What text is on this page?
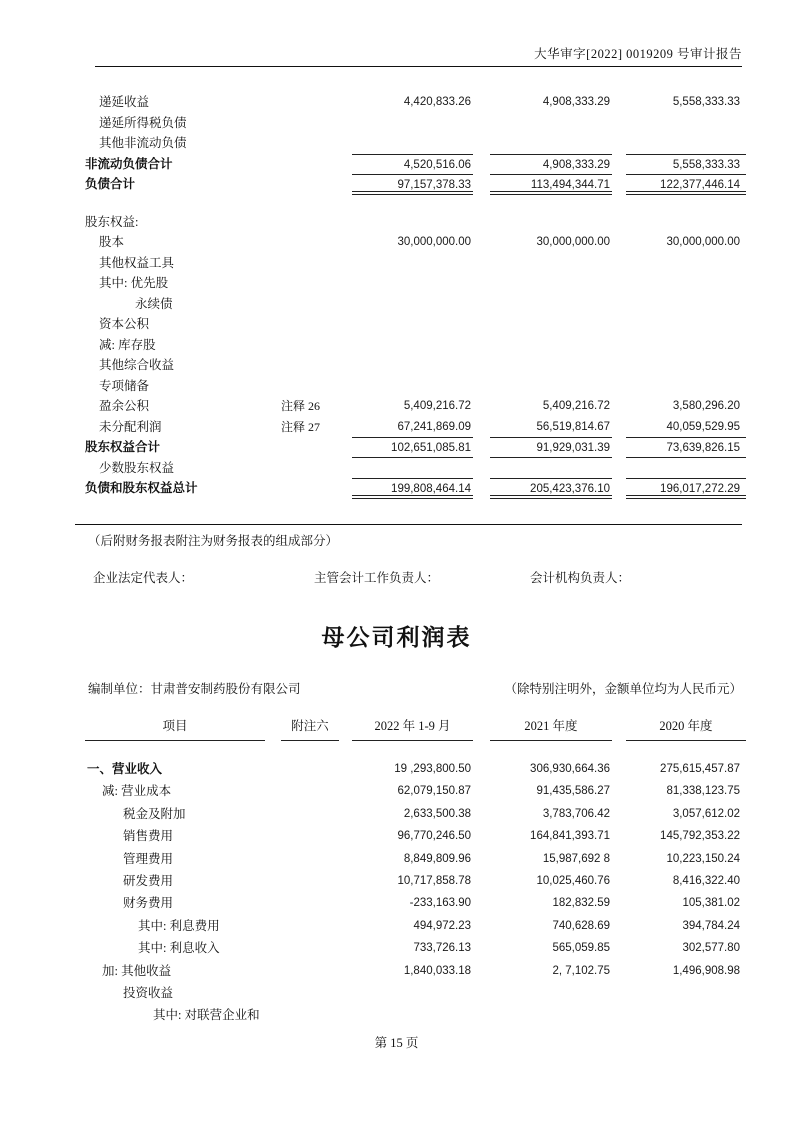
大华审字[2022] 0019209 号审计报告
递延收益	4,420,833.26	4,908,333.29	5,558,333.33
递延所得税负债
其他非流动负债
非流动负债合计	4,520,516.06	4,908,333.29	5,558,333.33
负债合计	97,157,378.33	113,494,344.71	122,377,446.14
股东权益:
股本	30,000,000.00	30,000,000.00	30,000,000.00
其他权益工具
其中: 优先股
永续债
资本公积
减: 库存股
其他综合收益
专项储备
盈余公积	注释 26	5,409,216.72	5,409,216.72	3,580,296.20
未分配利润	注释 27	67,241,869.09	56,519,814.67	40,059,529.95
股东权益合计	102,651,085.81	91,929,031.39	73,639,826.15
少数股东权益
负债和股东权益总计	199,808,464.14	205,423,376.10	196,017,272.29
（后附财务报表附注为财务报表的组成部分）
企业法定代表人：	主管会计工作负责人：	会计机构负责人：
母公司利润表
编制单位：甘肃普安制药股份有限公司	（除特别注明外，金额单位均为人民币元）
项目	附注六	2022 年 1-9 月	2021 年度	2020 年度
一、营业收入	19 ,293,800.50	306,930,664.36	275,615,457.87
减: 营业成本	62,079,150.87	91,435,586.27	81,338,123.75
税金及附加	2,633,500.38	3,783,706.42	3,057,612.02
销售费用	96,770,246.50	164,841,393.71	145,792,353.22
管理费用	8,849,809.96	15,987,692 8	10,223,150.24
研发费用	10,717,858.78	10,025,460.76	8,416,322.40
财务费用	-233,163.90	182,832.59	105,381.02
其中: 利息费用	494,972.23	740,628.69	394,784.24
其中: 利息收入	733,726.13	565,059.85	302,577.80
加: 其他收益	1,840,033.18	2, 7,102.75	1,496,908.98
投资收益
其中: 对联营企业和
第 15 页
